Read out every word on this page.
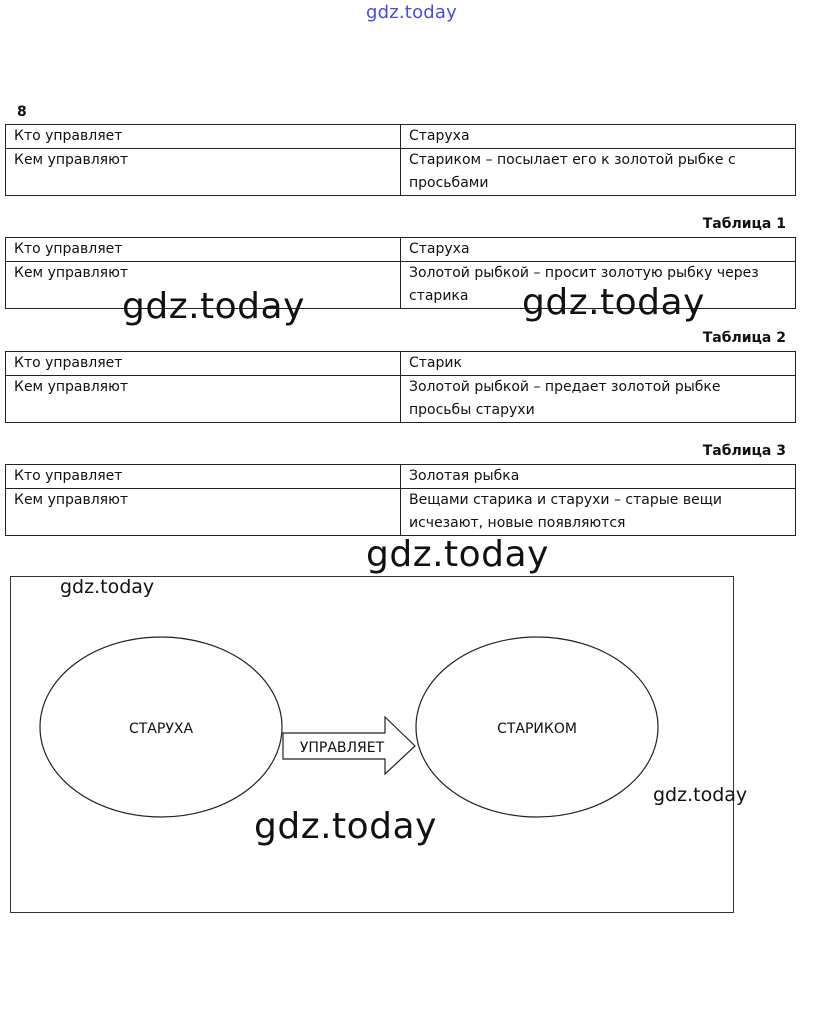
gdz.today
8
Кто управляет	Старуха
Кем управляют	Стариком – посылает его к золотой рыбке с просьбами
Таблица 1
Кто управляет	Старуха
Кем управляют	Золотой рыбкой – просит золотую рыбку через старика
Таблица 2
Кто управляет	Старик
Кем управляют	Золотой рыбкой – предает золотой рыбке просьбы старухи
Таблица 3
Кто управляет	Золотая рыбка
Кем управляют	Вещами старика и старухи – старые вещи исчезают, новые появляются
СТАРУХА	СТАРИКОМ
УПРАВЛЯЕТ
gdz.today	gdz.today
gdz.today
gdz.today
gdz.today
gdz.today
